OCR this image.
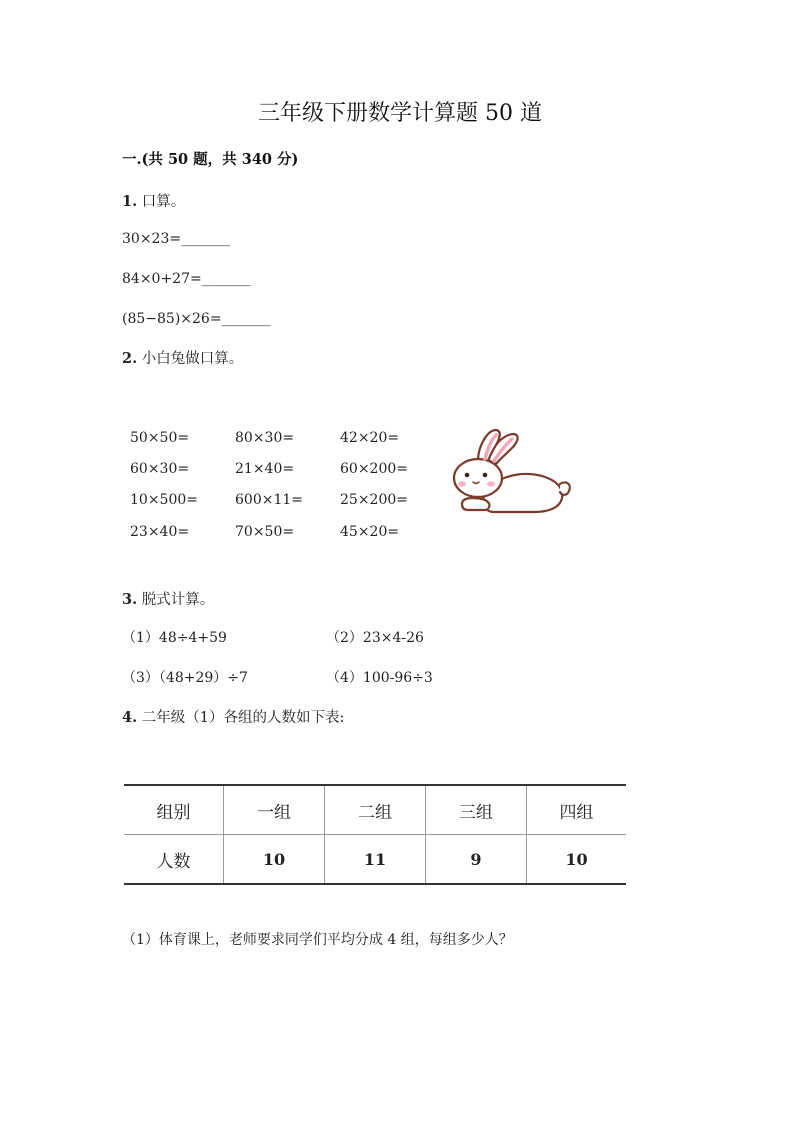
三年级下册数学计算题 50 道
一.(共 50 题，共 340 分)
1. 口算。
30×23=_______
84×0+27=_______
(85−85)×26=_______
2. 小白兔做口算。
50×50=	80×30=	42×20=
60×30=	21×40=	60×200=
10×500=	600×11=	25×200=
23×40=	70×50=	45×20=
3. 脱式计算。
（1）48÷4+59	（2）23×4-26
（3）（48+29）÷7	（4）100-96÷3
4. 二年级（1）各组的人数如下表:
组别	一组	二组	三组	四组
人数	10	11	9	10
（1）体育课上，老师要求同学们平均分成 4 组，每组多少人？
